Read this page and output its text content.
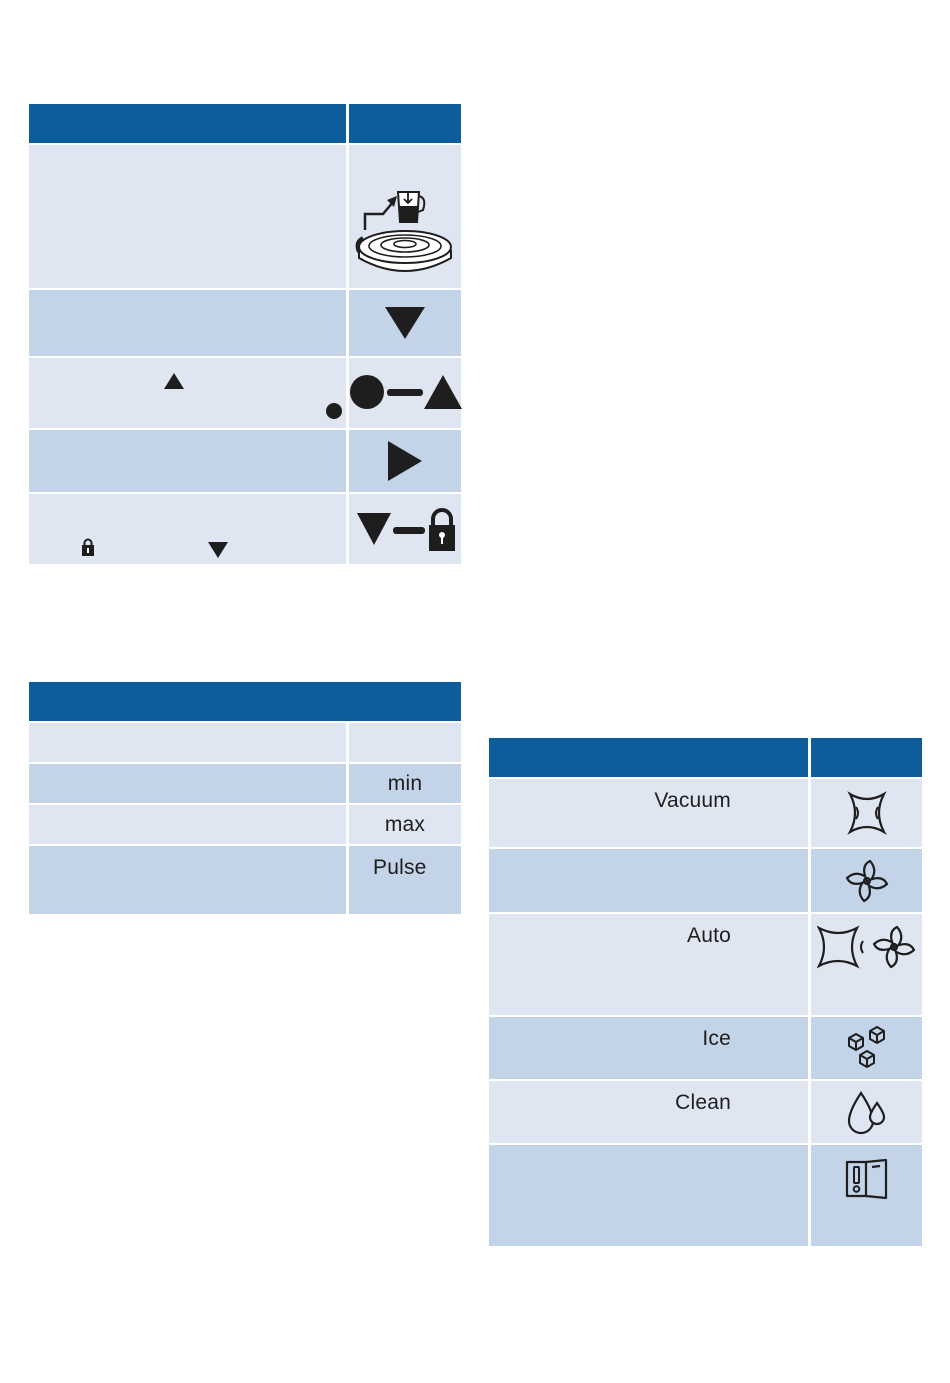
min
max
Pulse
Vacuum
Auto
Ice
Clean
